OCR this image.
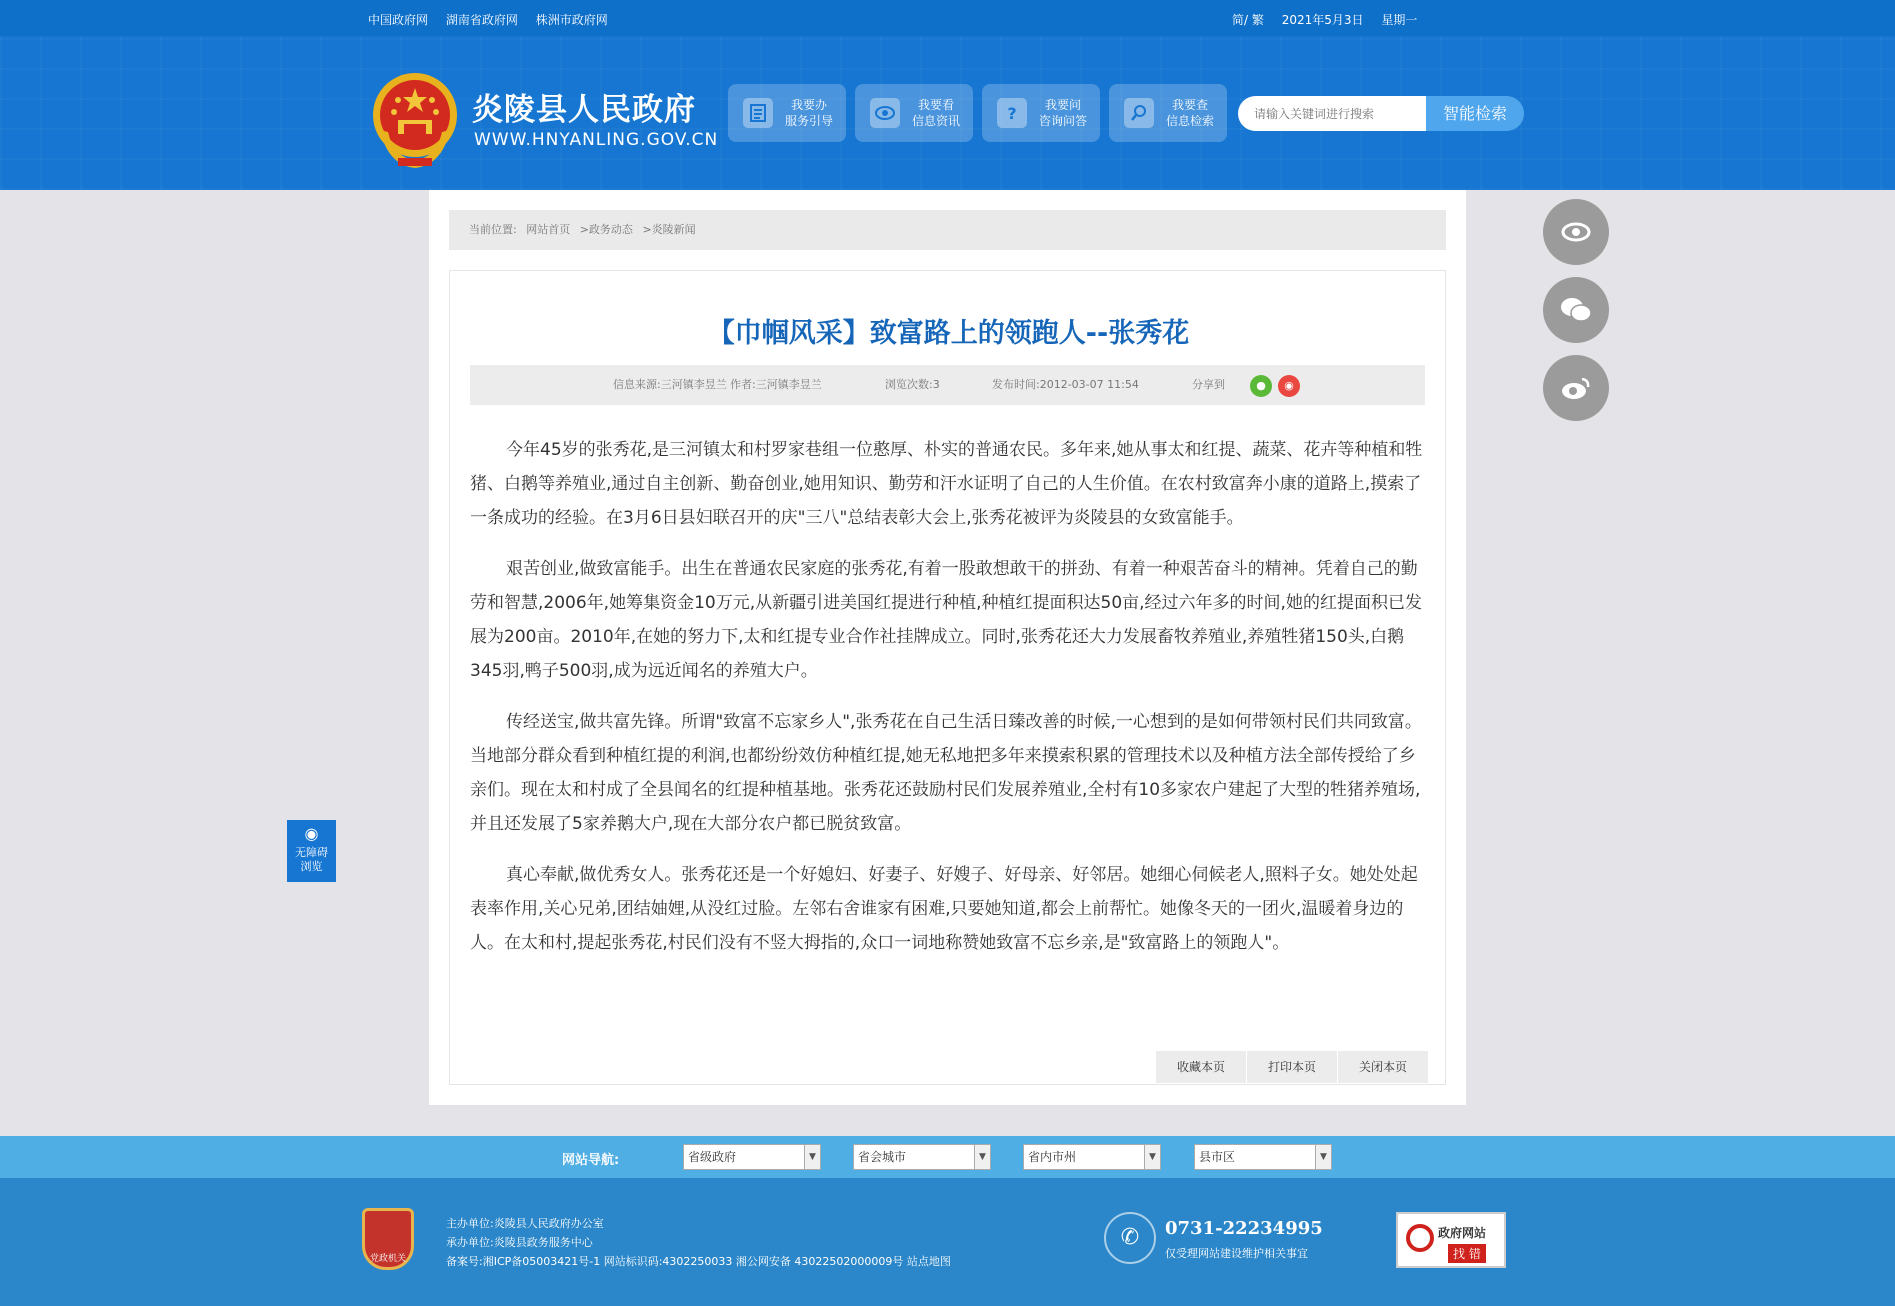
中国政府网 湖南省政府网 株洲市政府网	简/ 繁 2021年5月3日 星期一
炎陵县人民政府
WWW.HNYANLING.GOV.CN
我要办
服务引导
我要看
信息资讯	?	我要问
咨询问答
我要查
信息检索
请输入关键词进行搜索	智能检索
当前位置: 网站首页 >政务动态 >炎陵新闻
【巾帼风采】致富路上的领跑人--张秀花
信息来源:三河镇李昱兰 作者:三河镇李昱兰	浏览次数:3	发布时间:2012-03-07 11:54	分享到	●	◉

今年45岁的张秀花,是三河镇太和村罗家巷组一位憨厚、朴实的普通农民。多年来,她从事太和红提、蔬菜、花卉等种植和牲猪、白鹅等养殖业,通过自主创新、勤奋创业,她用知识、勤劳和汗水证明了自己的人生价值。在农村致富奔小康的道路上,摸索了一条成功的经验。在3月6日县妇联召开的庆"三八"总结表彰大会上,张秀花被评为炎陵县的女致富能手。

艰苦创业,做致富能手。出生在普通农民家庭的张秀花,有着一股敢想敢干的拼劲、有着一种艰苦奋斗的精神。凭着自己的勤劳和智慧,2006年,她筹集资金10万元,从新疆引进美国红提进行种植,种植红提面积达50亩,经过六年多的时间,她的红提面积已发展为200亩。2010年,在她的努力下,太和红提专业合作社挂牌成立。同时,张秀花还大力发展畜牧养殖业,养殖牲猪150头,白鹅345羽,鸭子500羽,成为远近闻名的养殖大户。

传经送宝,做共富先锋。所谓"致富不忘家乡人",张秀花在自己生活日臻改善的时候,一心想到的是如何带领村民们共同致富。当地部分群众看到种植红提的利润,也都纷纷效仿种植红提,她无私地把多年来摸索积累的管理技术以及种植方法全部传授给了乡亲们。现在太和村成了全县闻名的红提种植基地。张秀花还鼓励村民们发展养殖业,全村有10多家农户建起了大型的牲猪养殖场,并且还发展了5家养鹅大户,现在大部分农户都已脱贫致富。

真心奉献,做优秀女人。张秀花还是一个好媳妇、好妻子、好嫂子、好母亲、好邻居。她细心伺候老人,照料子女。她处处起表率作用,关心兄弟,团结妯娌,从没红过脸。左邻右舍谁家有困难,只要她知道,都会上前帮忙。她像冬天的一团火,温暖着身边的人。在太和村,提起张秀花,村民们没有不竖大拇指的,众口一词地称赞她致富不忘乡亲,是"致富路上的领跑人"。

收藏本页	打印本页	关闭本页
◉
无障碍
浏览
网站导航:	省级政府	▼	省会城市	▼	省内市州	▼	县市区	▼
党政机关
主办单位:炎陵县人民政府办公室
承办单位:炎陵县政务服务中心
备案号:湘ICP备05003421号-1 网站标识码:4302250033 湘公网安备 43022502000009号 站点地图
✆	0731-22234995
仅受理网站建设维护相关事宜
政府网站
找 错
